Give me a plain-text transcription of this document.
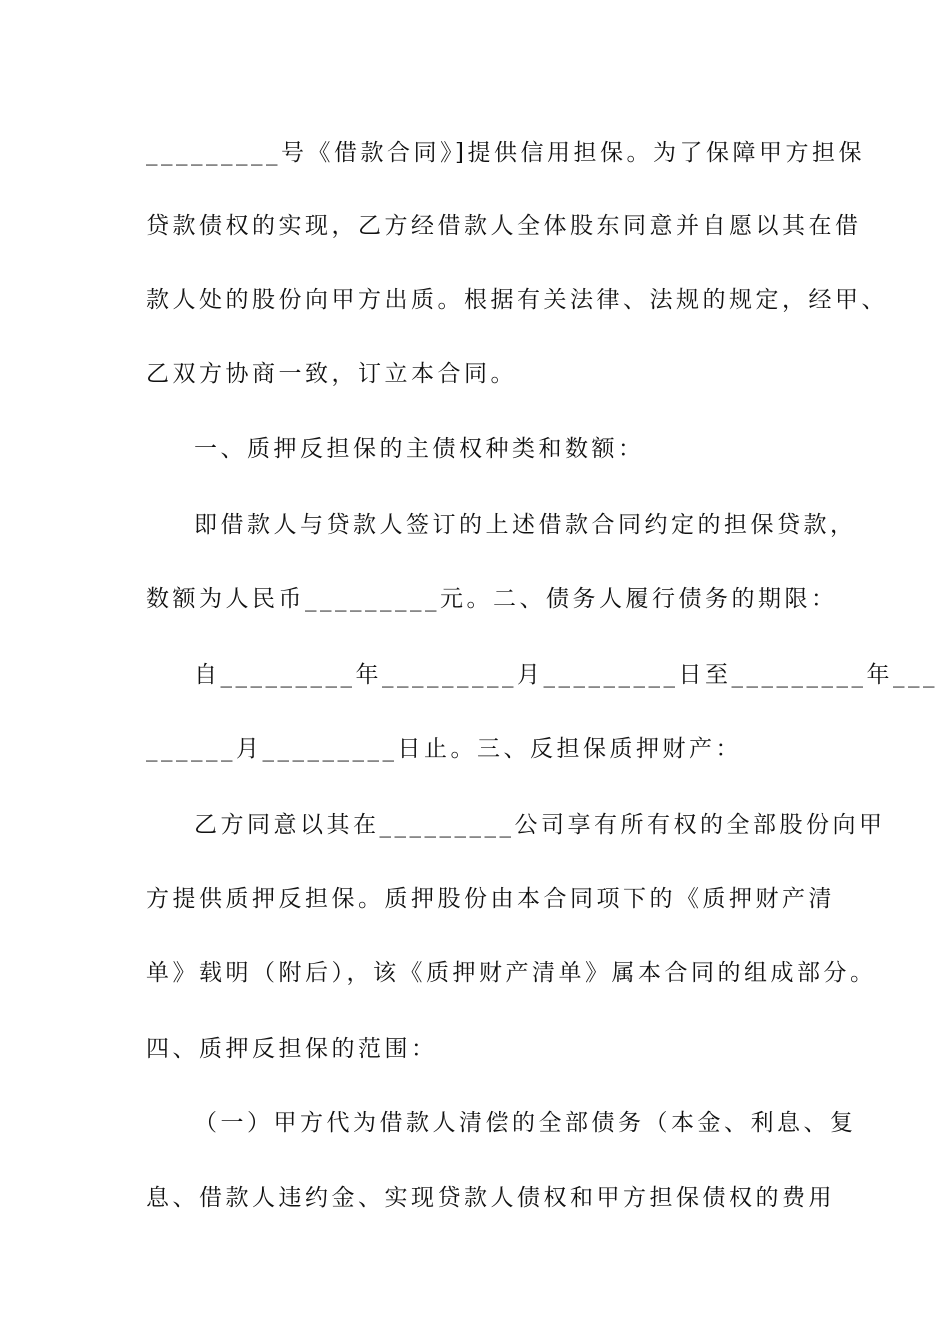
_________号《借款合同》]提供信用担保。为了保障甲方担保
贷款债权的实现，乙方经借款人全体股东同意并自愿以其在借
款人处的股份向甲方出质。根据有关法律、法规的规定，经甲、
乙双方协商一致，订立本合同。
一、质押反担保的主债权种类和数额：
即借款人与贷款人签订的上述借款合同约定的担保贷款，
数额为人民币_________元。二、债务人履行债务的期限：
自_________年_________月_________日至_________年___
______月_________日止。三、反担保质押财产：
乙方同意以其在_________公司享有所有权的全部股份向甲
方提供质押反担保。质押股份由本合同项下的《质押财产清
单》载明（附后），该《质押财产清单》属本合同的组成部分。
四、质押反担保的范围：
（一）甲方代为借款人清偿的全部债务（本金、利息、复
息、借款人违约金、实现贷款人债权和甲方担保债权的费用
